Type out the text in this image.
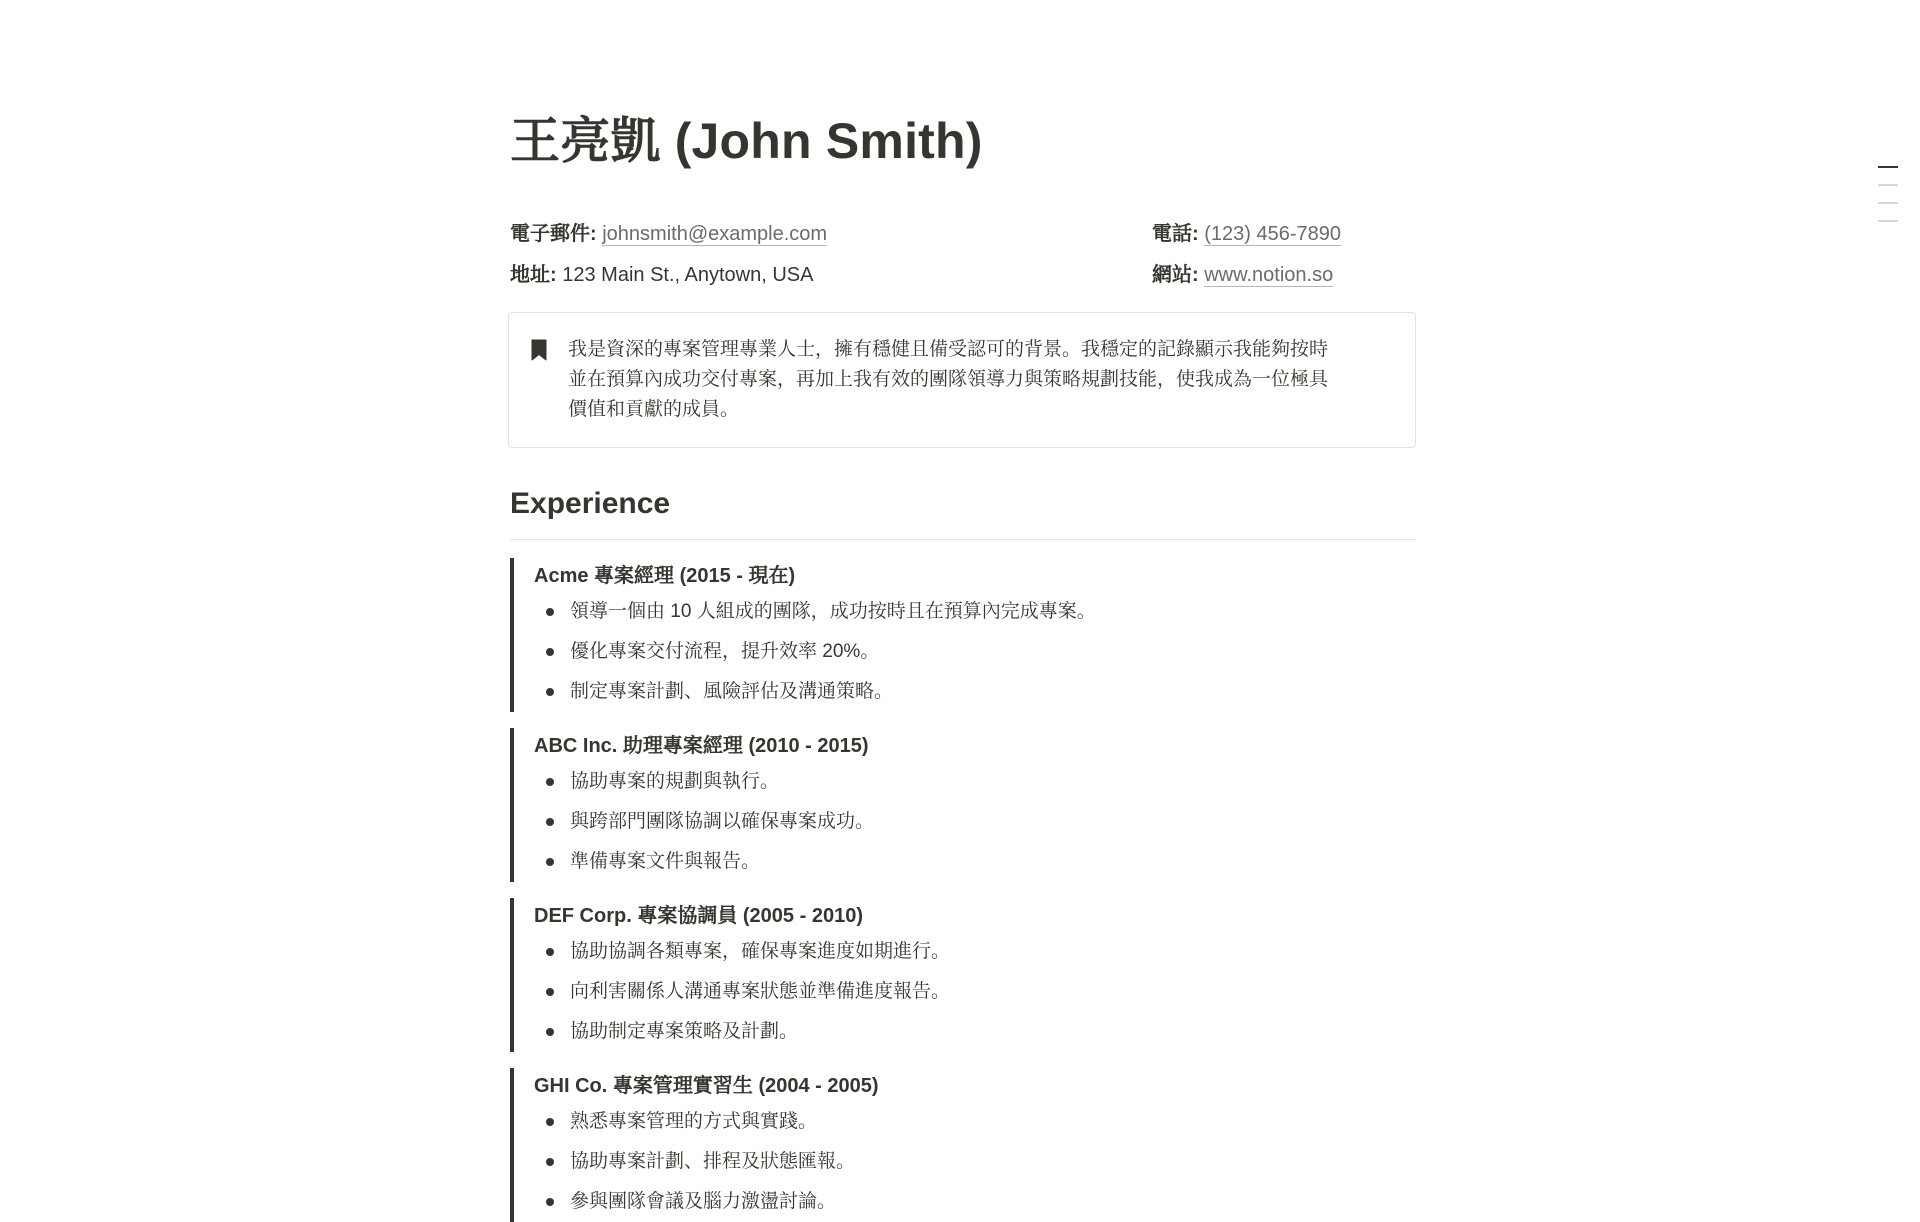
王亮凱 (John Smith)
電子郵件: johnsmith@example.com	電話: (123) 456-7890
地址: 123 Main St., Anytown, USA	網站: www.notion.so
我是資深的專案管理專業人士，擁有穩健且備受認可的背景。我穩定的記錄顯示我能夠按時
並在預算內成功交付專案，再加上我有效的團隊領導力與策略規劃技能，使我成為一位極具
價值和貢獻的成員。
Experience
Acme 專案經理 (2015 - 現在)
領導一個由 10 人組成的團隊，成功按時且在預算內完成專案。
優化專案交付流程，提升效率 20%。
制定專案計劃、風險評估及溝通策略。
ABC Inc. 助理專案經理 (2010 - 2015)
協助專案的規劃與執行。
與跨部門團隊協調以確保專案成功。
準備專案文件與報告。
DEF Corp. 專案協調員 (2005 - 2010)
協助協調各類專案，確保專案進度如期進行。
向利害關係人溝通專案狀態並準備進度報告。
協助制定專案策略及計劃。
GHI Co. 專案管理實習生 (2004 - 2005)
熟悉專案管理的方式與實踐。
協助專案計劃、排程及狀態匯報。
參與團隊會議及腦力激盪討論。
